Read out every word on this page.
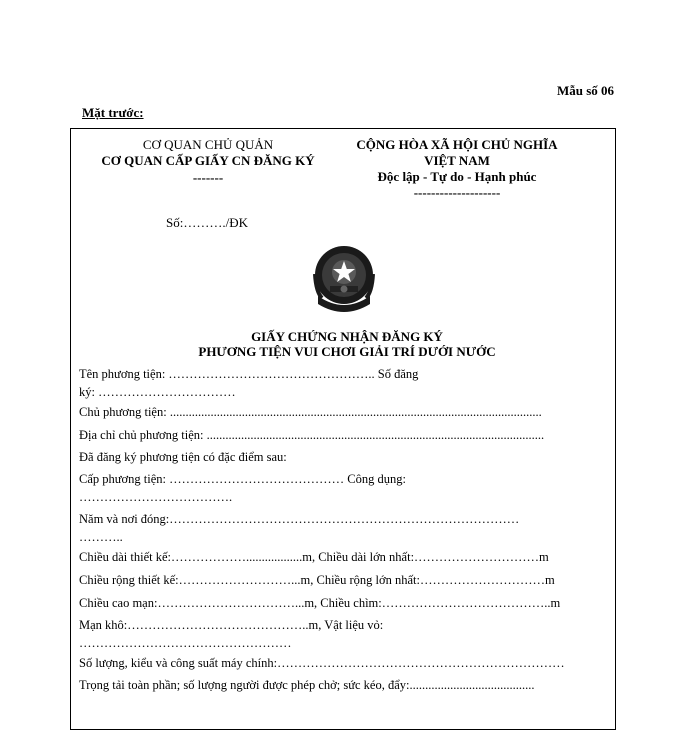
Mẫu số 06
Mặt trước:
CƠ QUAN CHỦ QUẢN
CƠ QUAN CẤP GIẤY CN ĐĂNG KÝ
-------
CỘNG HÒA XÃ HỘI CHỦ NGHĨA
VIỆT NAM
Độc lập - Tự do - Hạnh phúc
--------------------
Số:………./ĐK
GIẤY CHỨNG NHẬN ĐĂNG KÝ
PHƯƠNG TIỆN VUI CHƠI GIẢI TRÍ DƯỚI NƯỚC
Tên phương tiện: ………………………………………….. Số đăng
ký: ……………………………
Chủ phương tiện: .......................................................................................................................
Địa chỉ chủ phương tiện: ............................................................................................................
Đã đăng ký phương tiện có đặc điểm sau:
Cấp phương tiện: …………………………………… Công dụng:
……………………………….
Năm và nơi đóng:…………………………………………………………………………
………..
Chiều dài thiết kế:………………..................m, Chiều dài lớn nhất:…………………………m
Chiều rộng thiết kế:………………………...m, Chiều rộng lớn nhất:…………………………m
Chiều cao mạn:……………………………...m, Chiều chìm:…………………………………..m
Mạn khô:……………………………………..m, Vật liệu vỏ:
……………………………………………
Số lượng, kiểu và công suất máy chính:……………………………………………………………
Trọng tải toàn phần; số lượng người được phép chở; sức kéo, đẩy:........................................
